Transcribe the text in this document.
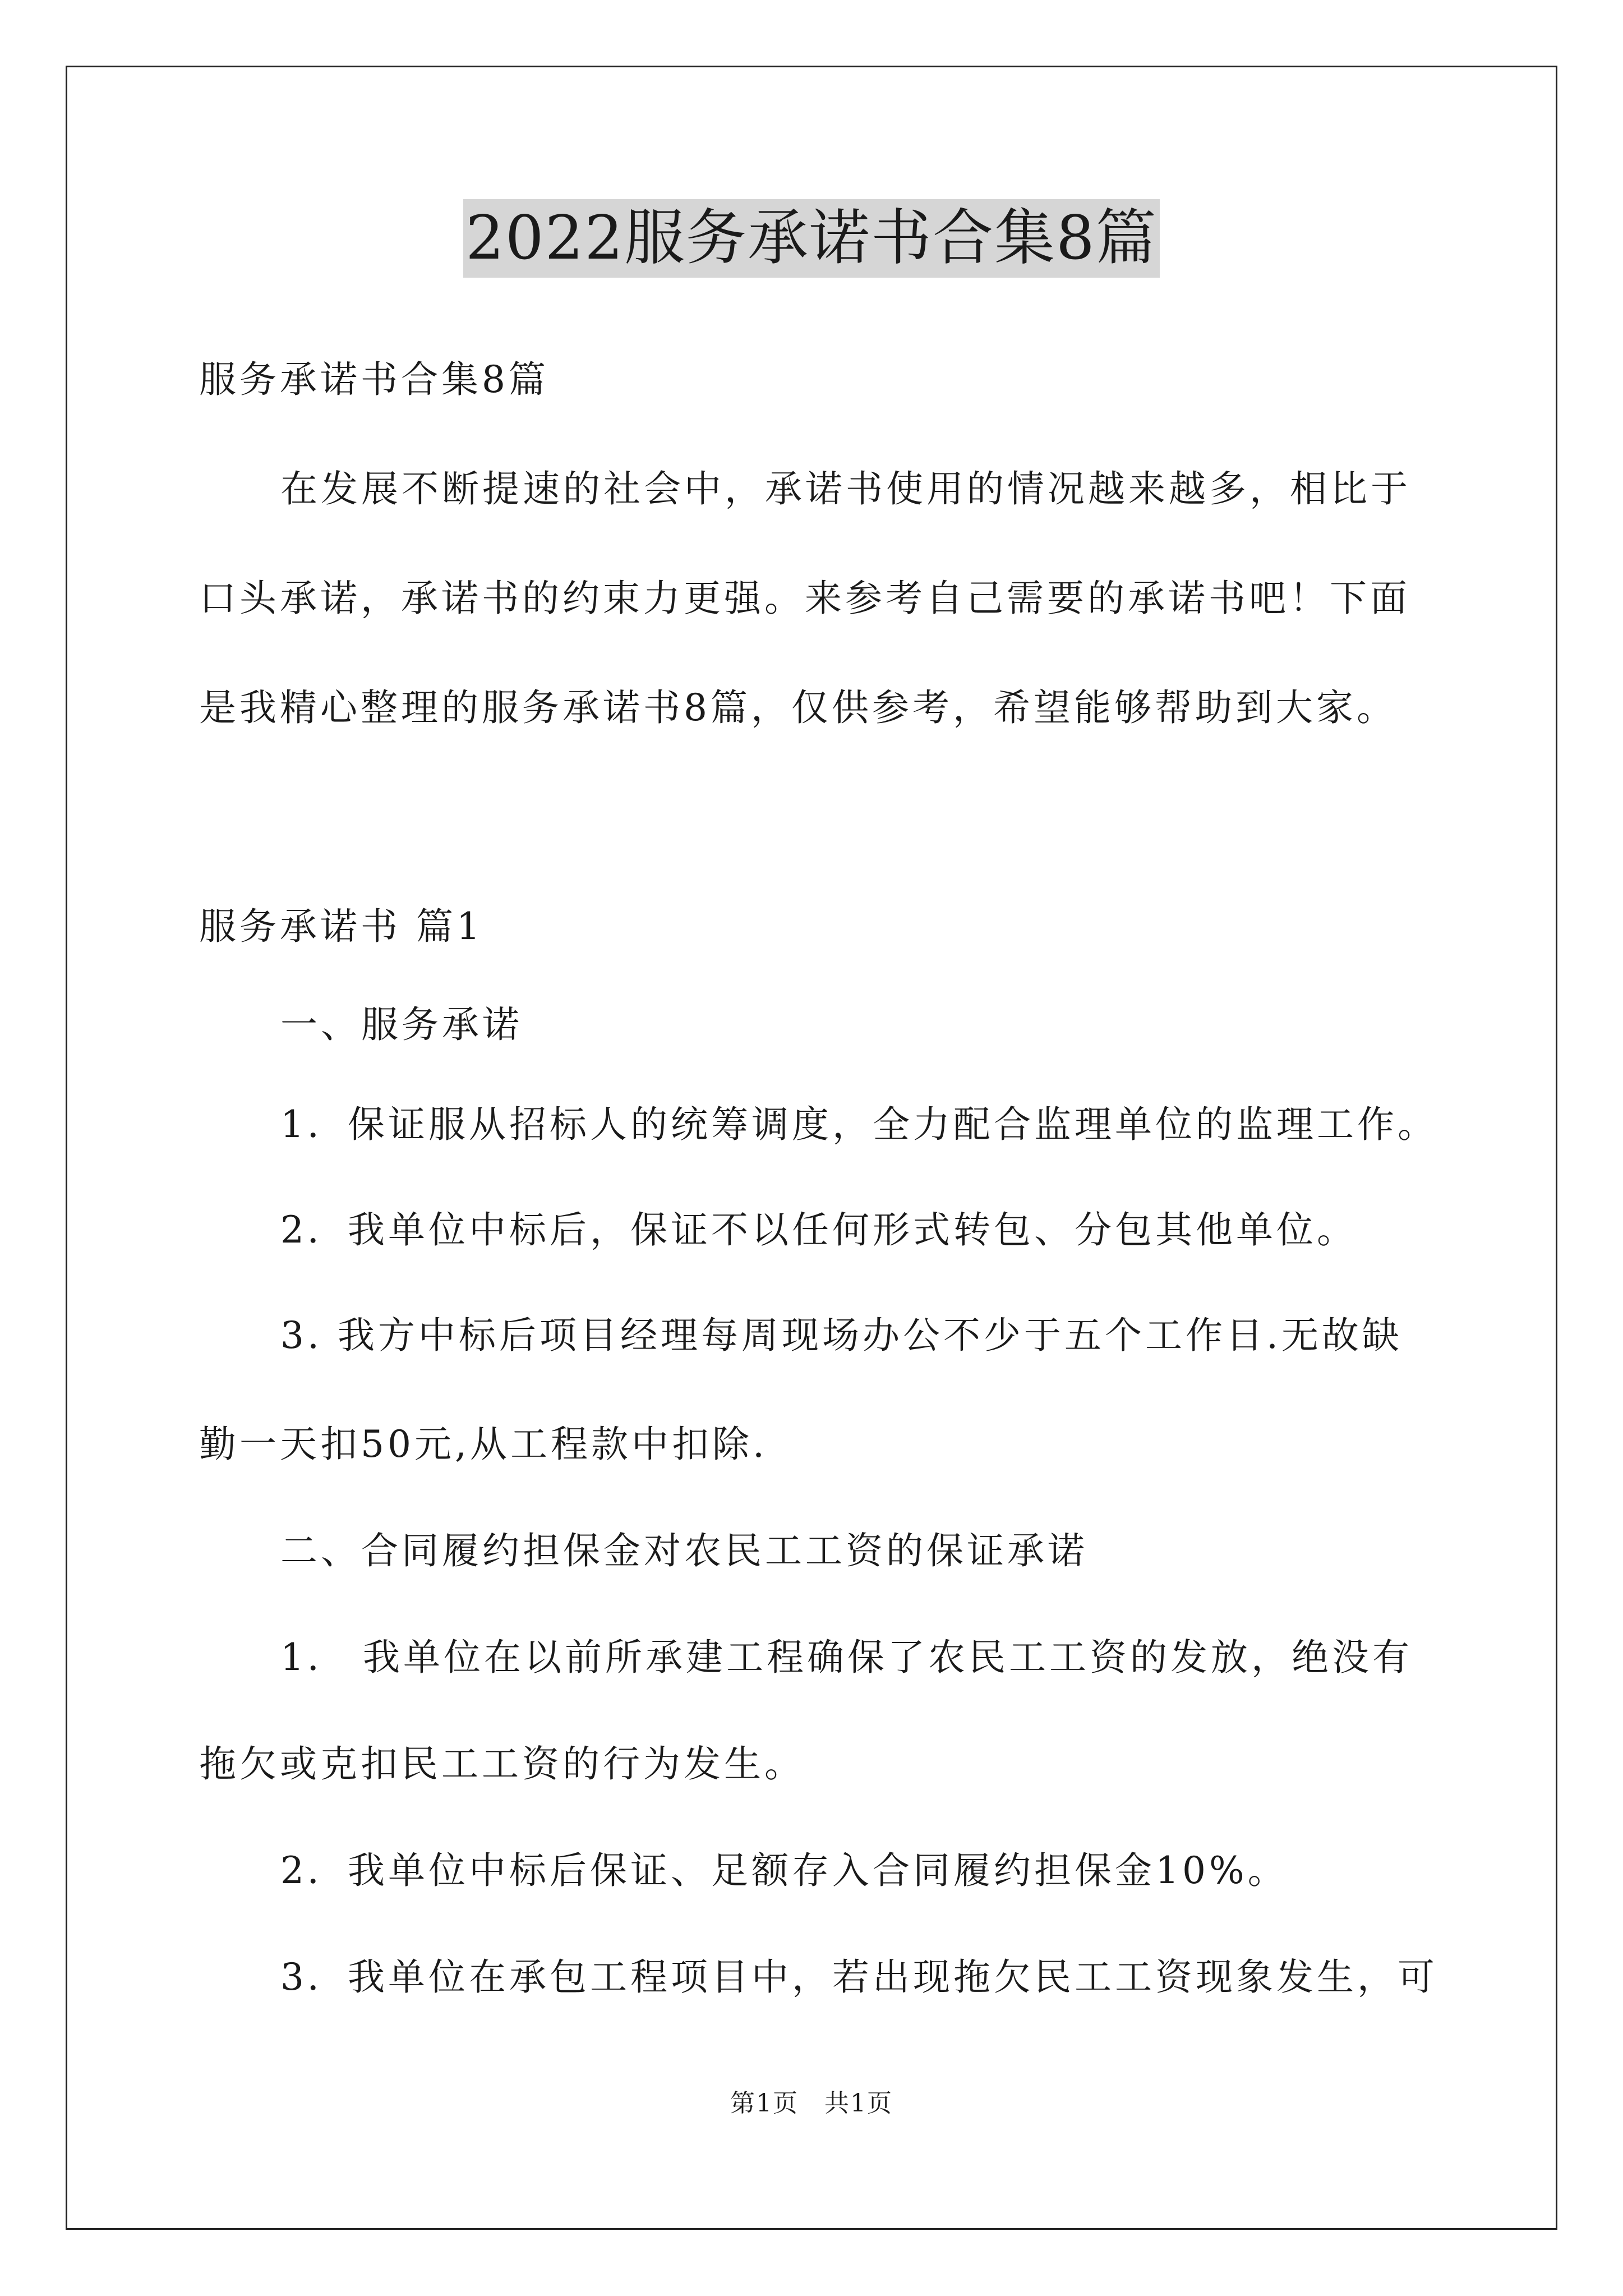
2022服务承诺书合集8篇
服务承诺书合集8篇
在发展不断提速的社会中，承诺书使用的情况越来越多，相比于
口头承诺，承诺书的约束力更强。来参考自己需要的承诺书吧！下面
是我精心整理的服务承诺书8篇，仅供参考，希望能够帮助到大家。
服务承诺书 篇1
一、服务承诺
1．保证服从招标人的统筹调度，全力配合监理单位的监理工作。
2．我单位中标后，保证不以任何形式转包、分包其他单位。
3. 我方中标后项目经理每周现场办公不少于五个工作日.无故缺
勤一天扣50元,从工程款中扣除.
二、合同履约担保金对农民工工资的保证承诺
1． 我单位在以前所承建工程确保了农民工工资的发放，绝没有
拖欠或克扣民工工资的行为发生。
2．我单位中标后保证、足额存入合同履约担保金10%。
3．我单位在承包工程项目中，若出现拖欠民工工资现象发生，可
第1页　共1页
